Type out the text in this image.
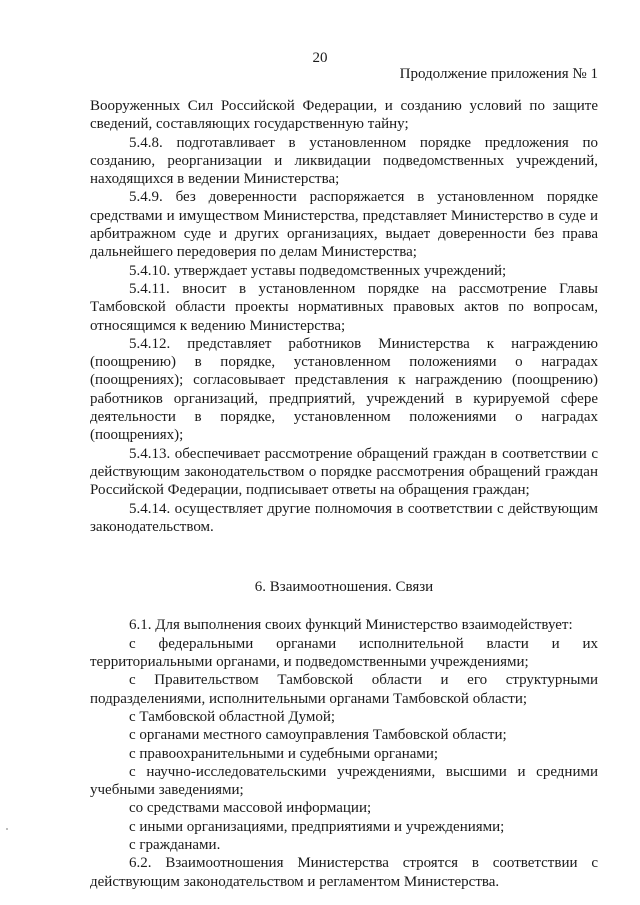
20
Продолжение приложения № 1

Вооруженных Сил Российской Федерации, и созданию условий по защите сведений, составляющих государственную тайну;

5.4.8. подготавливает в установленном порядке предложения по созданию, реорганизации и ликвидации подведомственных учреждений, находящихся в ведении Министерства;

5.4.9. без доверенности распоряжается в установленном порядке средствами и имуществом Министерства, представляет Министерство в суде и арбитражном суде и других организациях, выдает доверенности без права дальнейшего передоверия по делам Министерства;

5.4.10. утверждает уставы подведомственных учреждений;

5.4.11. вносит в установленном порядке на рассмотрение Главы Тамбовской области проекты нормативных правовых актов по вопросам, относящимся к ведению Министерства;

5.4.12. представляет работников Министерства к награждению (поощрению) в порядке, установленном положениями о наградах (поощрениях); согласовывает представления к награждению (поощрению) работников организаций, предприятий, учреждений в курируемой сфере деятельности в порядке, установленном положениями о наградах (поощрениях);

5.4.13. обеспечивает рассмотрение обращений граждан в соответствии с действующим законодательством о порядке рассмотрения обращений граждан Российской Федерации, подписывает ответы на обращения граждан;

5.4.14. осуществляет другие полномочия в соответствии с действующим законодательством.

6. Взаимоотношения. Связи

6.1. Для выполнения своих функций Министерство взаимодействует:

с федеральными органами исполнительной власти и их территориальными органами, и подведомственными учреждениями;

с Правительством Тамбовской области и его структурными подразделениями, исполнительными органами Тамбовской области;

с Тамбовской областной Думой;

с органами местного самоуправления Тамбовской области;

с правоохранительными и судебными органами;

с научно-исследовательскими учреждениями, высшими и средними учебными заведениями;

со средствами массовой информации;

с иными организациями, предприятиями и учреждениями;

с гражданами.

6.2. Взаимоотношения Министерства строятся в соответствии с действующим законодательством и регламентом Министерства.
